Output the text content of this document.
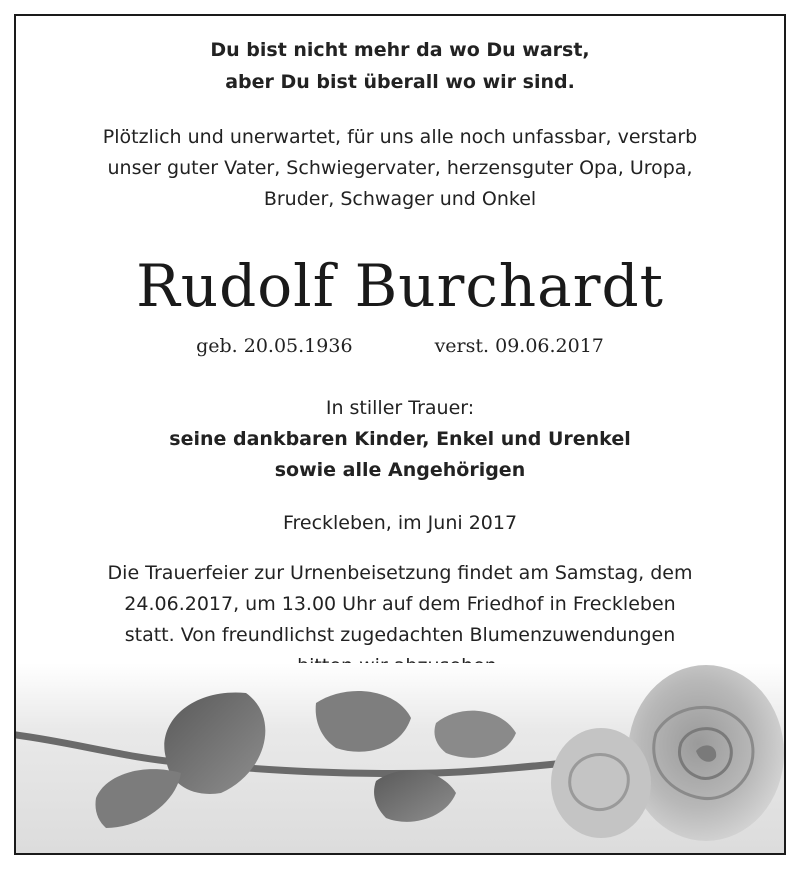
Du bist nicht mehr da wo Du warst,
aber Du bist überall wo wir sind.
Plötzlich und unerwartet, für uns alle noch unfassbar, verstarb
unser guter Vater, Schwiegervater, herzensguter Opa, Uropa,
Bruder, Schwager und Onkel
Rudolf Burchardt
geb. 20.05.1936	verst. 09.06.2017
In stiller Trauer:
seine dankbaren Kinder, Enkel und Urenkel
sowie alle Angehörigen
Freckleben, im Juni 2017
Die Trauerfeier zur Urnenbeisetzung findet am Samstag, dem
24.06.2017, um 13.00 Uhr auf dem Friedhof in Freckleben
statt. Von freundlichst zugedachten Blumenzuwendungen
